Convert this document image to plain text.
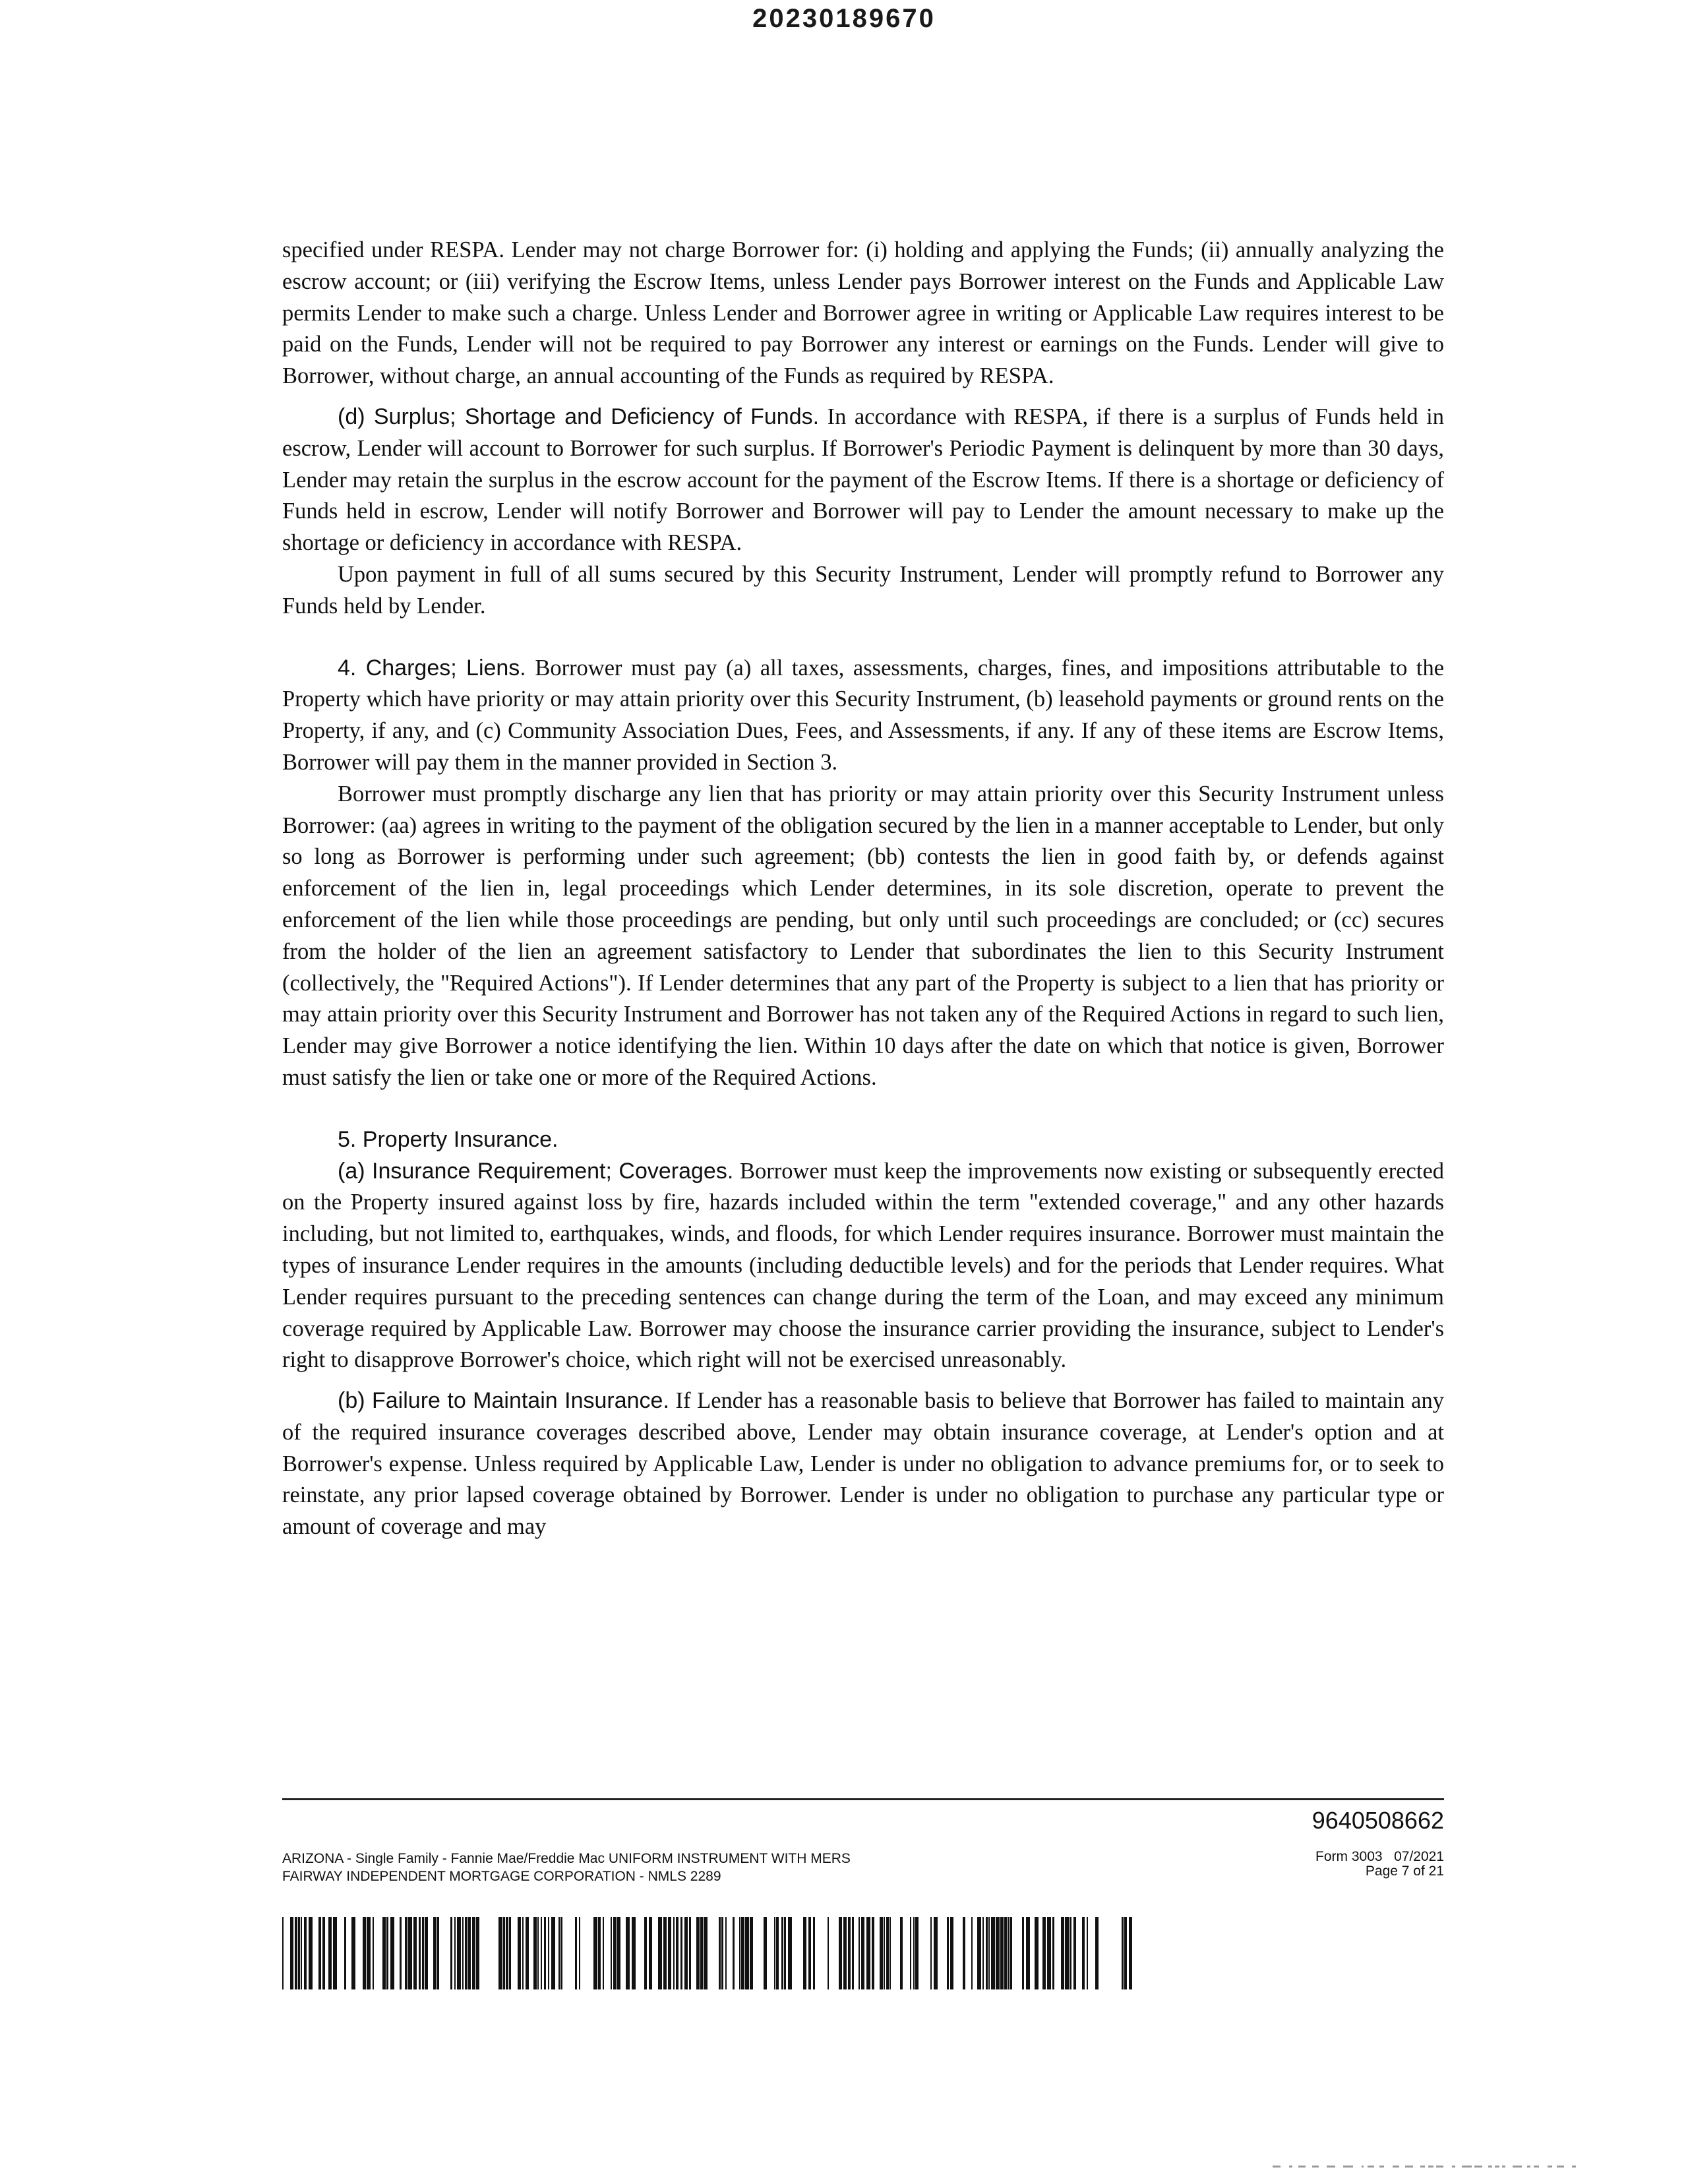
20230189670

specified under RESPA. Lender may not charge Borrower for: (i) holding and applying the Funds; (ii) annually analyzing the escrow account; or (iii) verifying the Escrow Items, unless Lender pays Borrower interest on the Funds and Applicable Law permits Lender to make such a charge. Unless Lender and Borrower agree in writing or Applicable Law requires interest to be paid on the Funds, Lender will not be required to pay Borrower any interest or earnings on the Funds. Lender will give to Borrower, without charge, an annual accounting of the Funds as required by RESPA.

(d) Surplus; Shortage and Deficiency of Funds. In accordance with RESPA, if there is a surplus of Funds held in escrow, Lender will account to Borrower for such surplus. If Borrower's Periodic Payment is delinquent by more than 30 days, Lender may retain the surplus in the escrow account for the payment of the Escrow Items. If there is a shortage or deficiency of Funds held in escrow, Lender will notify Borrower and Borrower will pay to Lender the amount necessary to make up the shortage or deficiency in accordance with RESPA.

Upon payment in full of all sums secured by this Security Instrument, Lender will promptly refund to Borrower any Funds held by Lender.

4. Charges; Liens. Borrower must pay (a) all taxes, assessments, charges, fines, and impositions attributable to the Property which have priority or may attain priority over this Security Instrument, (b) leasehold payments or ground rents on the Property, if any, and (c) Community Association Dues, Fees, and Assessments, if any. If any of these items are Escrow Items, Borrower will pay them in the manner provided in Section 3.

Borrower must promptly discharge any lien that has priority or may attain priority over this Security Instrument unless Borrower: (aa) agrees in writing to the payment of the obligation secured by the lien in a manner acceptable to Lender, but only so long as Borrower is performing under such agreement; (bb) contests the lien in good faith by, or defends against enforcement of the lien in, legal proceedings which Lender determines, in its sole discretion, operate to prevent the enforcement of the lien while those proceedings are pending, but only until such proceedings are concluded; or (cc) secures from the holder of the lien an agreement satisfactory to Lender that subordinates the lien to this Security Instrument (collectively, the "Required Actions"). If Lender determines that any part of the Property is subject to a lien that has priority or may attain priority over this Security Instrument and Borrower has not taken any of the Required Actions in regard to such lien, Lender may give Borrower a notice identifying the lien. Within 10 days after the date on which that notice is given, Borrower must satisfy the lien or take one or more of the Required Actions.

5. Property Insurance.

(a) Insurance Requirement; Coverages. Borrower must keep the improvements now existing or subsequently erected on the Property insured against loss by fire, hazards included within the term "extended coverage," and any other hazards including, but not limited to, earthquakes, winds, and floods, for which Lender requires insurance. Borrower must maintain the types of insurance Lender requires in the amounts (including deductible levels) and for the periods that Lender requires. What Lender requires pursuant to the preceding sentences can change during the term of the Loan, and may exceed any minimum coverage required by Applicable Law. Borrower may choose the insurance carrier providing the insurance, subject to Lender's right to disapprove Borrower's choice, which right will not be exercised unreasonably.

(b) Failure to Maintain Insurance. If Lender has a reasonable basis to believe that Borrower has failed to maintain any of the required insurance coverages described above, Lender may obtain insurance coverage, at Lender's option and at Borrower's expense. Unless required by Applicable Law, Lender is under no obligation to advance premiums for, or to seek to reinstate, any prior lapsed coverage obtained by Borrower. Lender is under no obligation to purchase any particular type or amount of coverage and may

9640508662
ARIZONA - Single Family - Fannie Mae/Freddie Mac UNIFORM INSTRUMENT WITH MERS
FAIRWAY INDEPENDENT MORTGAGE CORPORATION - NMLS 2289
Form 3003   07/2021
Page 7 of 21
